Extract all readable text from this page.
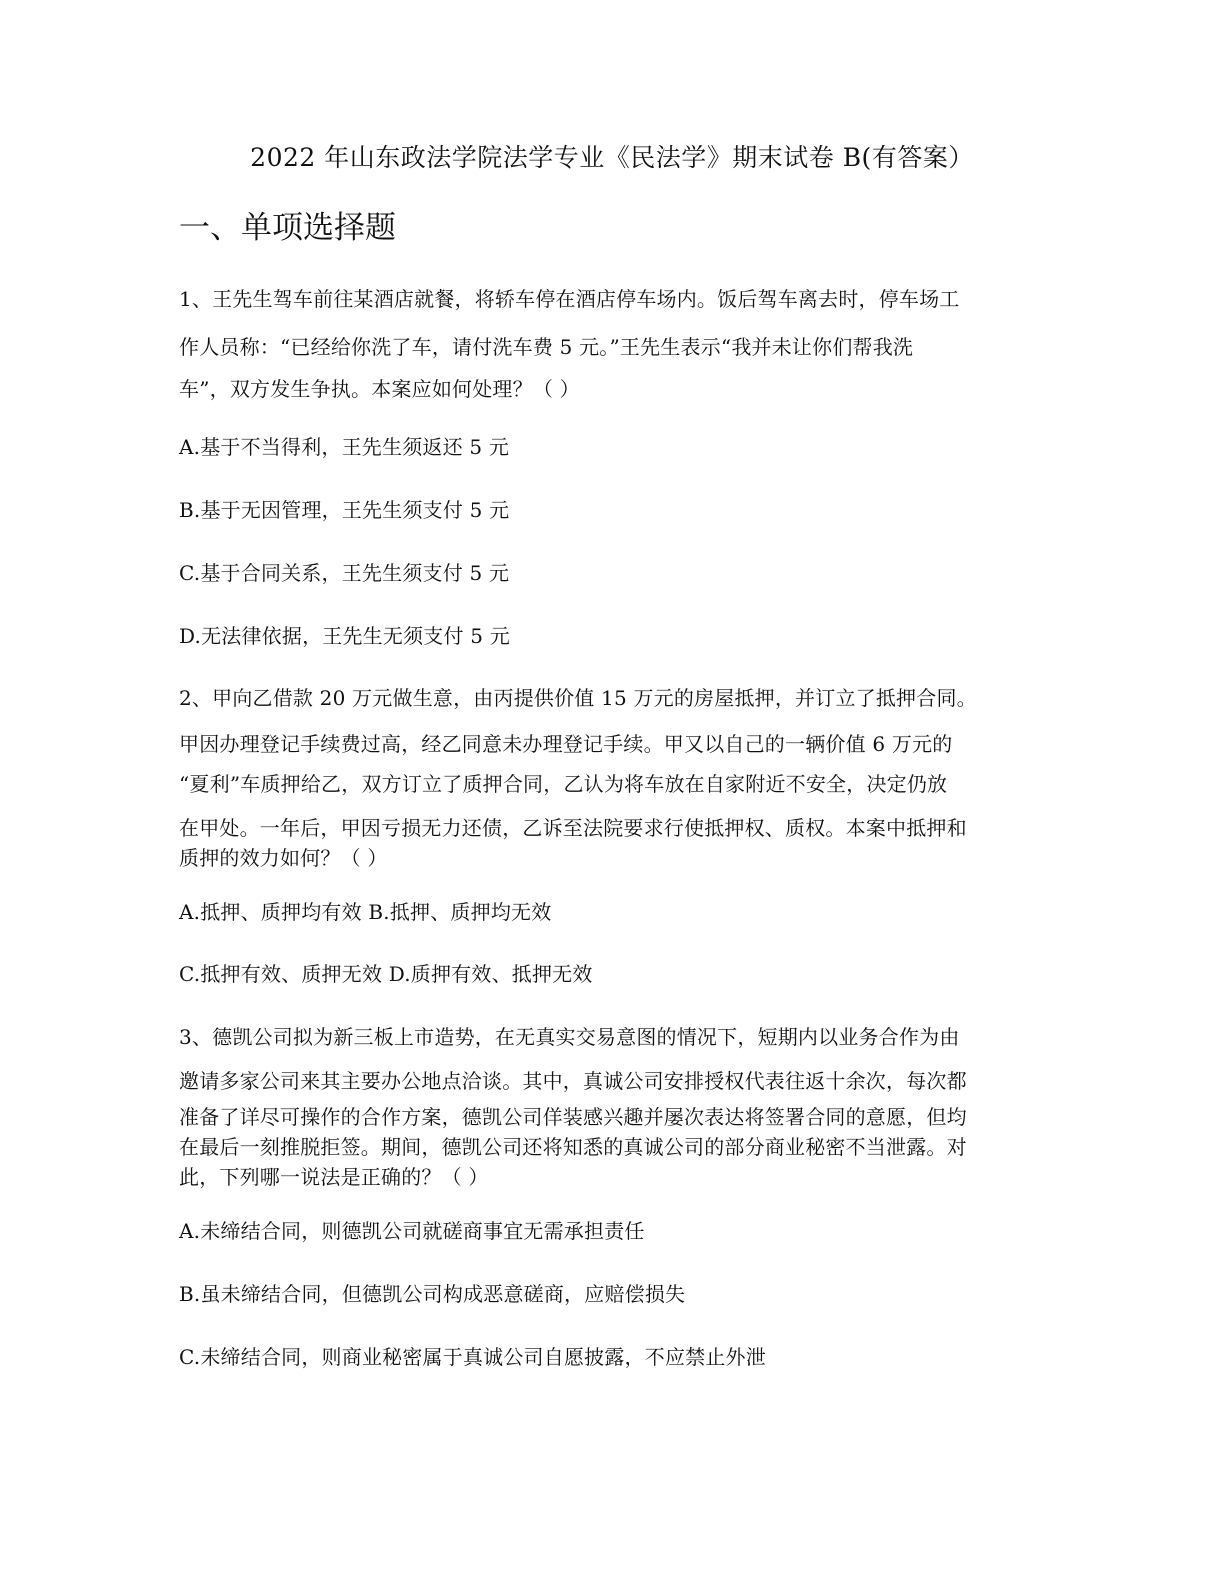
2022 年山东政法学院法学专业《民法学》期末试卷 B(有答案）
一、单项选择题
1、王先生驾车前往某酒店就餐，将轿车停在酒店停车场内。饭后驾车离去时，停车场工
作人员称：“已经给你洗了车，请付洗车费 5 元。”王先生表示“我并未让你们帮我洗
车”，双方发生争执。本案应如何处理？（ ）
A.基于不当得利，王先生须返还 5 元
B.基于无因管理，王先生须支付 5 元
C.基于合同关系，王先生须支付 5 元
D.无法律依据，王先生无须支付 5 元
2、甲向乙借款 20 万元做生意，由丙提供价值 15 万元的房屋抵押，并订立了抵押合同。
甲因办理登记手续费过高，经乙同意未办理登记手续。甲又以自己的一辆价值 6 万元的
“夏利”车质押给乙，双方订立了质押合同，乙认为将车放在自家附近不安全，决定仍放
在甲处。一年后，甲因亏损无力还债，乙诉至法院要求行使抵押权、质权。本案中抵押和
质押的效力如何？（ ）
A.抵押、质押均有效 B.抵押、质押均无效
C.抵押有效、质押无效 D.质押有效、抵押无效
3、德凯公司拟为新三板上市造势，在无真实交易意图的情况下，短期内以业务合作为由
邀请多家公司来其主要办公地点洽谈。其中，真诚公司安排授权代表往返十余次，每次都
准备了详尽可操作的合作方案，德凯公司佯装感兴趣并屡次表达将签署合同的意愿，但均
在最后一刻推脱拒签。期间，德凯公司还将知悉的真诚公司的部分商业秘密不当泄露。对
此，下列哪一说法是正确的？（ ）
A.未缔结合同，则德凯公司就磋商事宜无需承担责任
B.虽未缔结合同，但德凯公司构成恶意磋商，应赔偿损失
C.未缔结合同，则商业秘密属于真诚公司自愿披露，不应禁止外泄
